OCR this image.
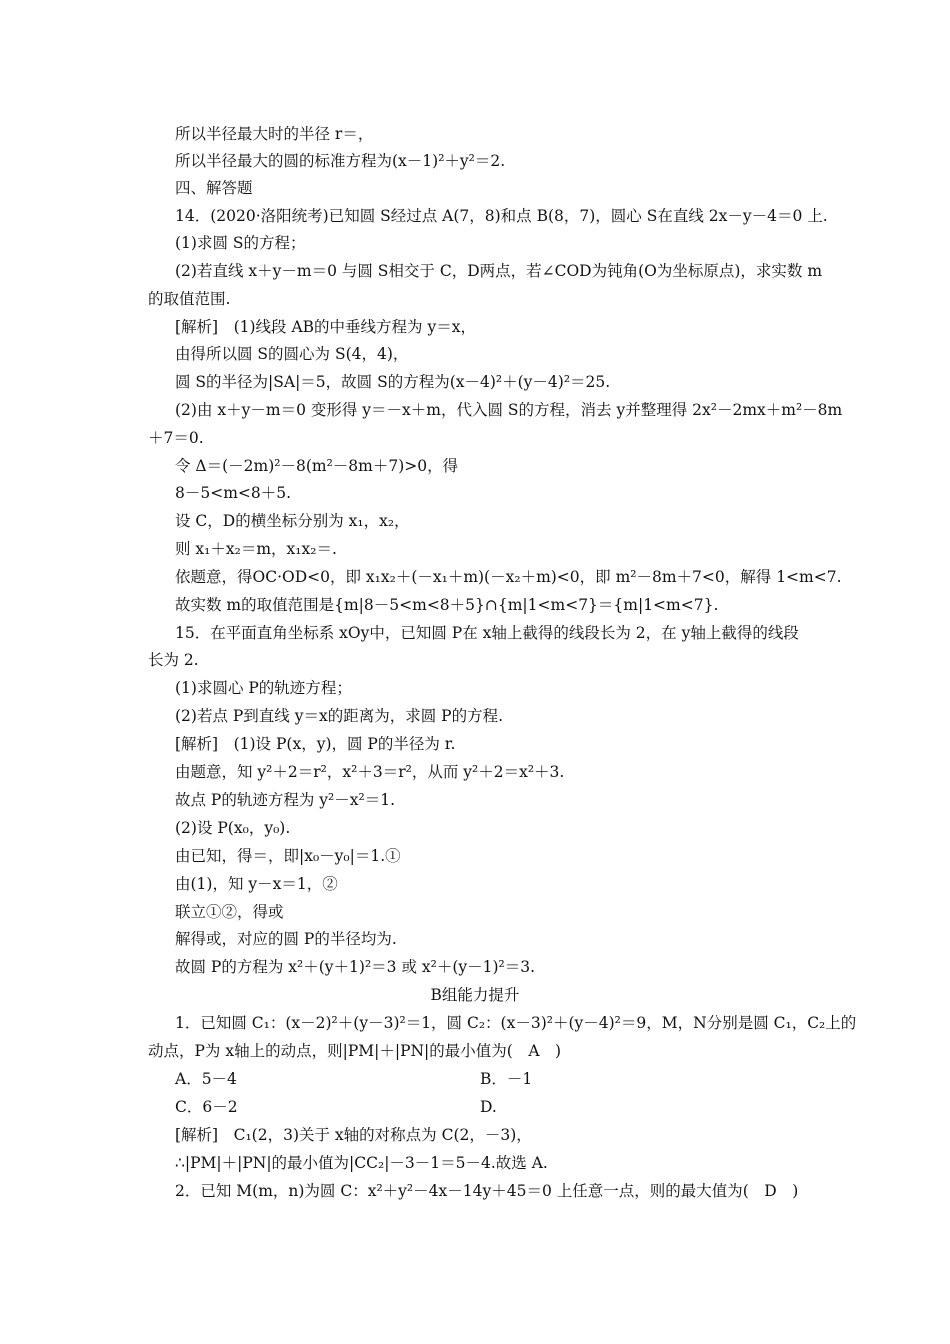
所以半径最大时的半径 r＝，
所以半径最大的圆的标准方程为(x－1)²＋y²＝2.
四、解答题
14．(2020·洛阳统考)已知圆 S经过点 A(7，8)和点 B(8，7)，圆心 S在直线 2x－y－4＝0 上.
(1)求圆 S的方程；
(2)若直线 x＋y－m＝0 与圆 S相交于 C，D两点，若∠COD为钝角(O为坐标原点)，求实数 m
的取值范围.
[解析]　(1)线段 AB的中垂线方程为 y＝x，
由得所以圆 S的圆心为 S(4，4)，
圆 S的半径为|SA|＝5，故圆 S的方程为(x－4)²＋(y－4)²＝25.
(2)由 x＋y－m＝0 变形得 y＝－x＋m，代入圆 S的方程，消去 y并整理得 2x²－2mx＋m²－8m
＋7＝0.
令 Δ＝(－2m)²－8(m²－8m＋7)>0，得
8－5<m<8＋5.
设 C，D的横坐标分别为 x₁，x₂，
则 x₁＋x₂＝m，x₁x₂＝.
依题意，得OC·OD<0，即 x₁x₂＋(－x₁＋m)(－x₂＋m)<0，即 m²－8m＋7<0，解得 1<m<7.
故实数 m的取值范围是{m|8－5<m<8＋5}∩{m|1<m<7}＝{m|1<m<7}.
15．在平面直角坐标系 xOy中，已知圆 P在 x轴上截得的线段长为 2，在 y轴上截得的线段
长为 2.
(1)求圆心 P的轨迹方程；
(2)若点 P到直线 y＝x的距离为，求圆 P的方程.
[解析]　(1)设 P(x，y)，圆 P的半径为 r.
由题意，知 y²＋2＝r²，x²＋3＝r²，从而 y²＋2＝x²＋3.
故点 P的轨迹方程为 y²－x²＝1.
(2)设 P(x₀，y₀).
由已知，得＝，即|x₀－y₀|＝1.①
由(1)，知 y－x＝1，②
联立①②，得或
解得或，对应的圆 P的半径均为.
故圆 P的方程为 x²＋(y＋1)²＝3 或 x²＋(y－1)²＝3.
B组能力提升
1．已知圆 C₁：(x－2)²＋(y－3)²＝1，圆 C₂：(x－3)²＋(y－4)²＝9，M，N分别是圆 C₁，C₂上的
动点，P为 x轴上的动点，则|PM|＋|PN|的最小值为(　A　)
A．5－4	B．－1
C．6－2	D.
[解析]　C₁(2，3)关于 x轴的对称点为 C(2，－3)，
∴|PM|＋|PN|的最小值为|CC₂|－3－1＝5－4.故选 A.
2．已知 M(m，n)为圆 C：x²＋y²－4x－14y＋45＝0 上任意一点，则的最大值为(　D　)
